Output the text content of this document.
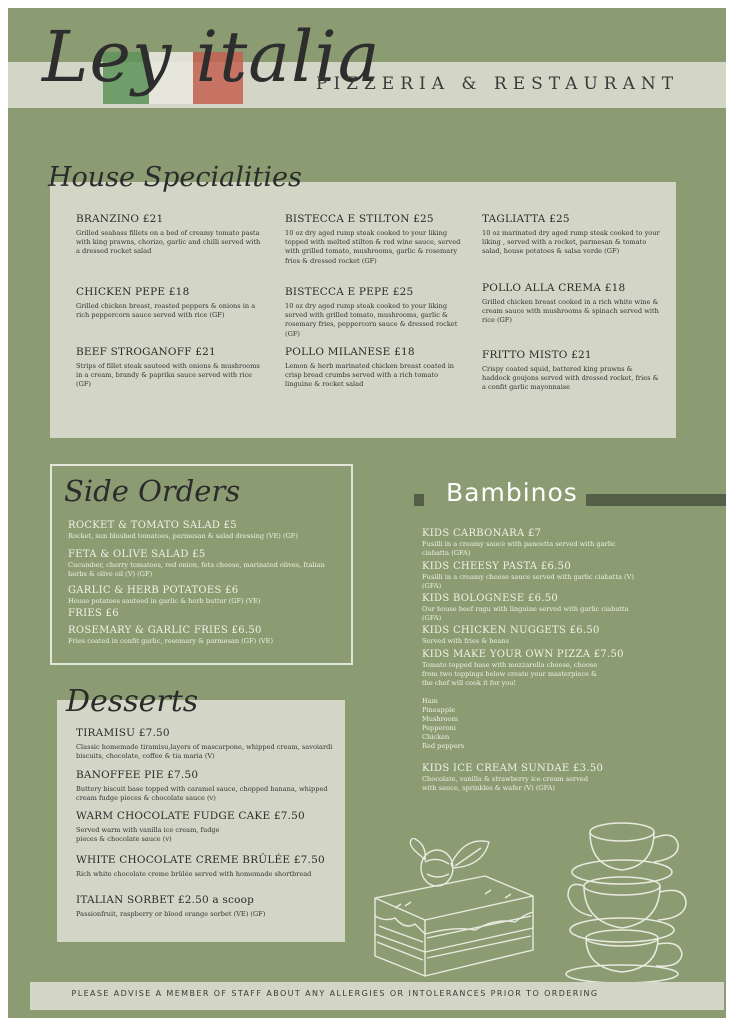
Ley italia
PIZZERIA & RESTAURANT
House Specialities
BRANZINO £21
Grilled seabass fillets on a bed of creamy tomato pasta with king prawns, chorizo, garlic and chilli served with a dressed rocket salad
CHICKEN PEPE £18
Grilled chicken breast, roasted peppers & onions in a rich peppercorn sauce served with rice (GF)
BEEF STROGANOFF £21
Strips of fillet steak sauteed with onions & mushrooms in a cream, brandy & paprika sauce served with rice (GF)
BISTECCA E STILTON £25
10 oz dry aged rump steak cooked to your liking topped with melted stilton & red wine sauce, served with grilled tomato, mushrooms, garlic & rosemary fries & dressed rocket (GF)
BISTECCA E PEPE £25
10 oz dry aged rump steak cooked to your liking served with grilled tomato, mushrooms, garlic & rosemary fries, peppercorn sauce & dressed rocket (GF)
POLLO MILANESE £18
Lemon & herb marinated chicken breast coated in crisp bread crumbs served with a rich tomato linguine & rocket salad
TAGLIATTA £25
10 oz marinated dry aged rump steak cooked to your liking , served with a rocket, parmesan & tomato salad, house potatoes & salsa verde (GF)
POLLO ALLA CREMA £18
Grilled chicken breast cooked in a rich white wine & cream sauce with mushrooms & spinach served with rice (GF)
FRITTO MISTO £21
Crispy coated squid, battered king prawns & haddock goujons served with dressed rocket, fries & a confit garlic mayonnaise
Side Orders
ROCKET & TOMATO SALAD £5
Rocket, sun blushed tomatoes, parmesan & salad dressing (VE) (GF)
FETA & OLIVE SALAD £5
Cucumber, cherry tomatoes, red onion, feta cheese, marinated olives, Italian herbs & olive oil (V) (GF)
GARLIC & HERB POTATOES £6
House potatoes sauteed in garlic & herb butter (GF) (VE)
FRIES £6
ROSEMARY & GARLIC FRIES £6.50
Fries coated in confit garlic, rosemary & parmesan (GF) (VE)
Desserts
TIRAMISU £7.50
Classic homemade tiramisu,layers of mascarpone, whipped cream, savoiardi biscuits, chocolate, coffee & tia maria (V)
BANOFFEE PIE £7.50
Buttery biscuit base topped with caramel sauce, chopped banana, whipped cream fudge pieces & chocolate sauce (v)
WARM CHOCOLATE FUDGE CAKE £7.50
Served warm with vanilla ice cream, fudge pieces & chocolate sauce (v)
WHITE CHOCOLATE CREME BRÛLÉE £7.50
Rich white chocolate creme brûlée served with homemade shortbread
ITALIAN SORBET £2.50 a scoop
Passionfruit, raspberry or blood orange sorbet (VE) (GF)
Bambinos
KIDS CARBONARA £7
Fusilli in a creamy sauce with pancetta served with garlic ciabatta (GFA)
KIDS CHEESY PASTA £6.50
Fusilli in a creamy cheese sauce served with garlic ciabatta (V) (GFA)
KIDS BOLOGNESE £6.50
Our house beef ragu with linguine served with garlic ciabatta (GFA)
KIDS CHICKEN NUGGETS £6.50
Served with fries & beans
KIDS MAKE YOUR OWN PIZZA £7.50
Tomato topped base with mozzarella cheese, choose from two toppings below create your masterpiece & the chef will cook it for you!
Ham
Pineapple
Mushroom
Pepperoni
Chicken
Red peppers
KIDS ICE CREAM SUNDAE £3.50
Chocolate, vanilla & strawberry ice cream served with sauce, sprinkles & wafer (V) (GFA)
PLEASE ADVISE A MEMBER OF STAFF ABOUT ANY ALLERGIES OR INTOLERANCES PRIOR TO ORDERING
